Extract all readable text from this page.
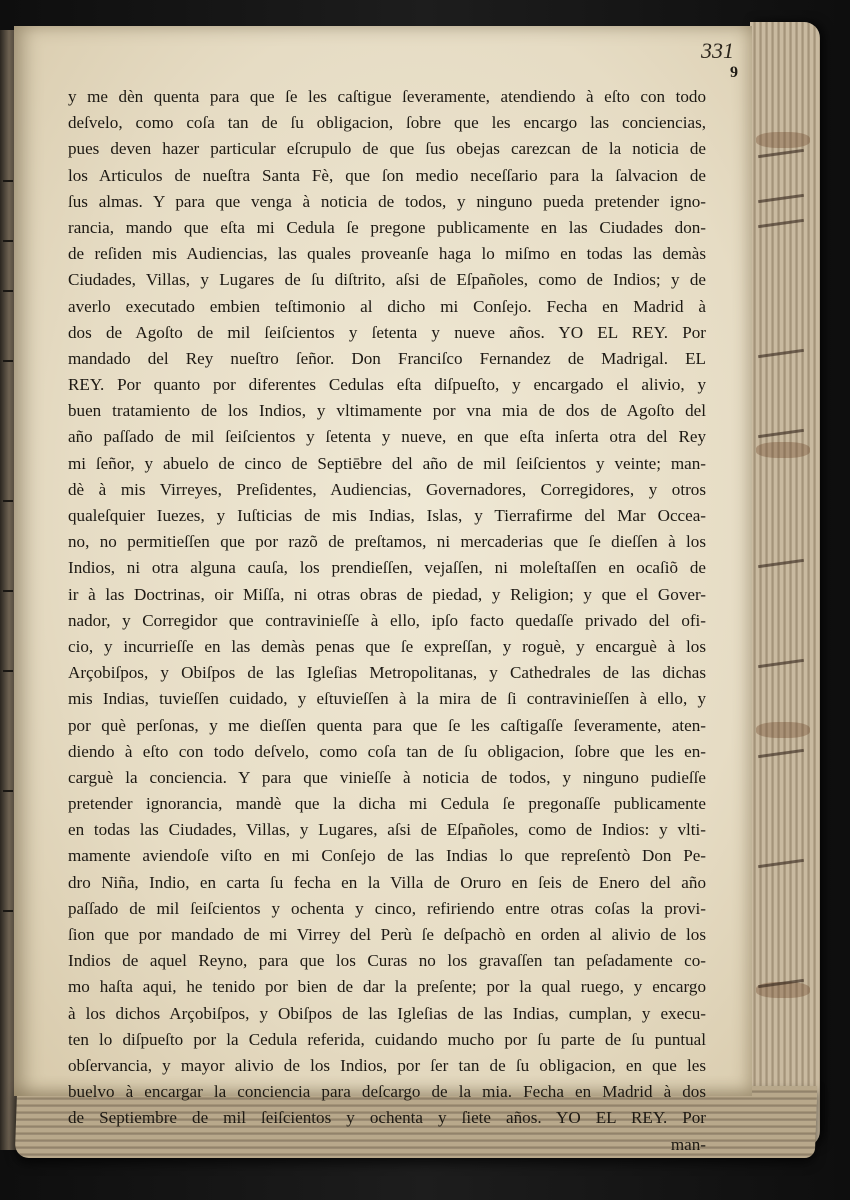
331
9
y me dèn quenta para que ſe les caſtigue ſeveramente, atendiendo à eſto con todo
deſvelo, como coſa tan de ſu obligacion, ſobre que les encargo las conciencias,
pues deven hazer particular eſcrupulo de que ſus obejas carezcan de la noticia de
los Articulos de nueſtra Santa Fè, que ſon medio neceſſario para la ſalvacion de
ſus almas. Y para que venga à noticia de todos, y ninguno pueda pretender igno-
rancia, mando que eſta mi Cedula ſe pregone publicamente en las Ciudades don-
de reſiden mis Audiencias, las quales proveanſe haga lo miſmo en todas las demàs
Ciudades, Villas, y Lugares de ſu diſtrito, aſsi de Eſpañoles, como de Indios; y de
averlo executado embien teſtimonio al dicho mi Conſejo. Fecha en Madrid à
dos de Agoſto de mil ſeiſcientos y ſetenta y nueve años. YO EL REY. Por
mandado del Rey nueſtro ſeñor. Don Franciſco Fernandez de Madrigal. EL
REY. Por quanto por diferentes Cedulas eſta diſpueſto, y encargado el alivio, y
buen tratamiento de los Indios, y vltimamente por vna mia de dos de Agoſto del
año paſſado de mil ſeiſcientos y ſetenta y nueve, en que eſta inſerta otra del Rey
mi ſeñor, y abuelo de cinco de Septiēbre del año de mil ſeiſcientos y veinte; man-
dè à mis Virreyes, Preſidentes, Audiencias, Governadores, Corregidores, y otros
qualeſquier Iuezes, y Iuſticias de mis Indias, Islas, y Tierrafirme del Mar Occea-
no, no permitieſſen que por razõ de preſtamos, ni mercaderias que ſe dieſſen à los
Indios, ni otra alguna cauſa, los prendieſſen, vejaſſen, ni moleſtaſſen en ocaſiõ de
ir à las Doctrinas, oir Miſſa, ni otras obras de piedad, y Religion; y que el Gover-
nador, y Corregidor que contravinieſſe à ello, ipſo facto quedaſſe privado del ofi-
cio, y incurrieſſe en las demàs penas que ſe expreſſan, y roguè, y encarguè à los
Arçobiſpos, y Obiſpos de las Igleſias Metropolitanas, y Cathedrales de las dichas
mis Indias, tuvieſſen cuidado, y eſtuvieſſen à la mira de ſi contravinieſſen à ello, y
por què perſonas, y me dieſſen quenta para que ſe les caſtigaſſe ſeveramente, aten-
diendo à eſto con todo deſvelo, como coſa tan de ſu obligacion, ſobre que les en-
carguè la conciencia. Y para que vinieſſe à noticia de todos, y ninguno pudieſſe
pretender ignorancia, mandè que la dicha mi Cedula ſe pregonaſſe publicamente
en todas las Ciudades, Villas, y Lugares, aſsi de Eſpañoles, como de Indios: y vlti-
mamente aviendoſe viſto en mi Conſejo de las Indias lo que repreſentò Don Pe-
dro Niña, Indio, en carta ſu fecha en la Villa de Oruro en ſeis de Enero del año
paſſado de mil ſeiſcientos y ochenta y cinco, refiriendo entre otras coſas la provi-
ſion que por mandado de mi Virrey del Perù ſe deſpachò en orden al alivio de los
Indios de aquel Reyno, para que los Curas no los gravaſſen tan peſadamente co-
mo haſta aqui, he tenido por bien de dar la preſente; por la qual ruego, y encargo
à los dichos Arçobiſpos, y Obiſpos de las Igleſias de las Indias, cumplan, y execu-
ten lo diſpueſto por la Cedula referida, cuidando mucho por ſu parte de ſu puntual
obſervancia, y mayor alivio de los Indios, por ſer tan de ſu obligacion, en que les
buelvo à encargar la conciencia para deſcargo de la mia. Fecha en Madrid à dos
de Septiembre de mil ſeiſcientos y ochenta y ſiete años. YO EL REY. Por
man-
